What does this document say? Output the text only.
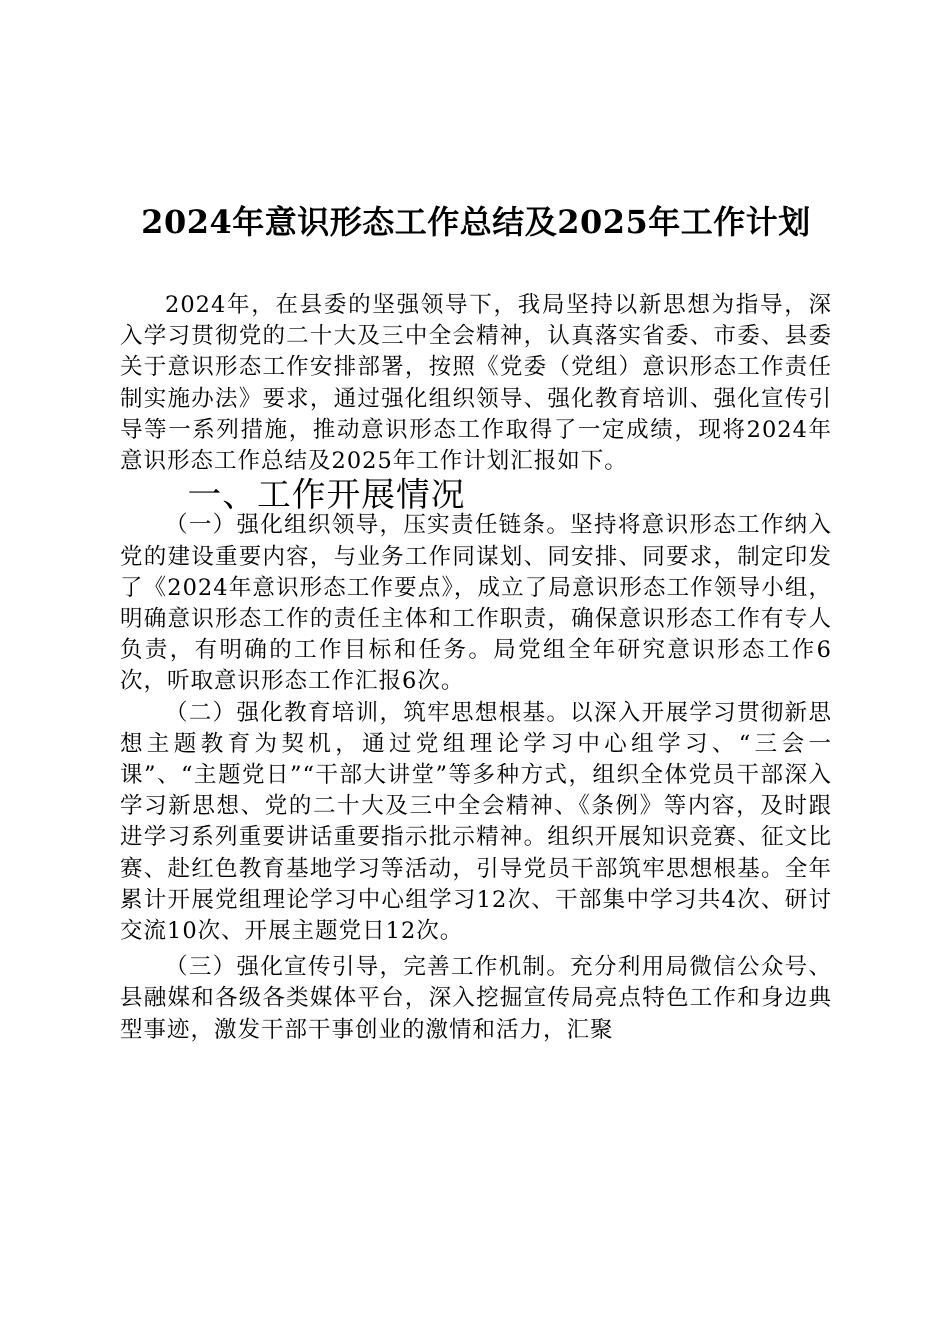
2024年意识形态工作总结及2025年工作计划

2024年，在县委的坚强领导下，我局坚持以新思想为指导，深入学习贯彻党的二十大及三中全会精神，认真落实省委、市委、县委关于意识形态工作安排部署，按照《党委（党组）意识形态工作责任制实施办法》要求，通过强化组织领导、强化教育培训、强化宣传引导等一系列措施，推动意识形态工作取得了一定成绩，现将2024年意识形态工作总结及2025年工作计划汇报如下。

一、工作开展情况

（一）强化组织领导，压实责任链条。坚持将意识形态工作纳入党的建设重要内容，与业务工作同谋划、同安排、同要求，制定印发了《2024年意识形态工作要点》，成立了局意识形态工作领导小组，明确意识形态工作的责任主体和工作职责，确保意识形态工作有专人负责，有明确的工作目标和任务。局党组全年研究意识形态工作6次，听取意识形态工作汇报6次。

（二）强化教育培训，筑牢思想根基。以深入开展学习贯彻新思想主题教育为契机，通过党组理论学习中心组学习、“三会一课”、“主题党日”“干部大讲堂”等多种方式，组织全体党员干部深入学习新思想、党的二十大及三中全会精神、《条例》等内容，及时跟进学习系列重要讲话重要指示批示精神。组织开展知识竞赛、征文比赛、赴红色教育基地学习等活动，引导党员干部筑牢思想根基。全年累计开展党组理论学习中心组学习12次、干部集中学习共4次、研讨交流10次、开展主题党日12次。

（三）强化宣传引导，完善工作机制。充分利用局微信公众号、县融媒和各级各类媒体平台，深入挖掘宣传局亮点特色工作和身边典型事迹，激发干部干事创业的激情和活力，汇聚
